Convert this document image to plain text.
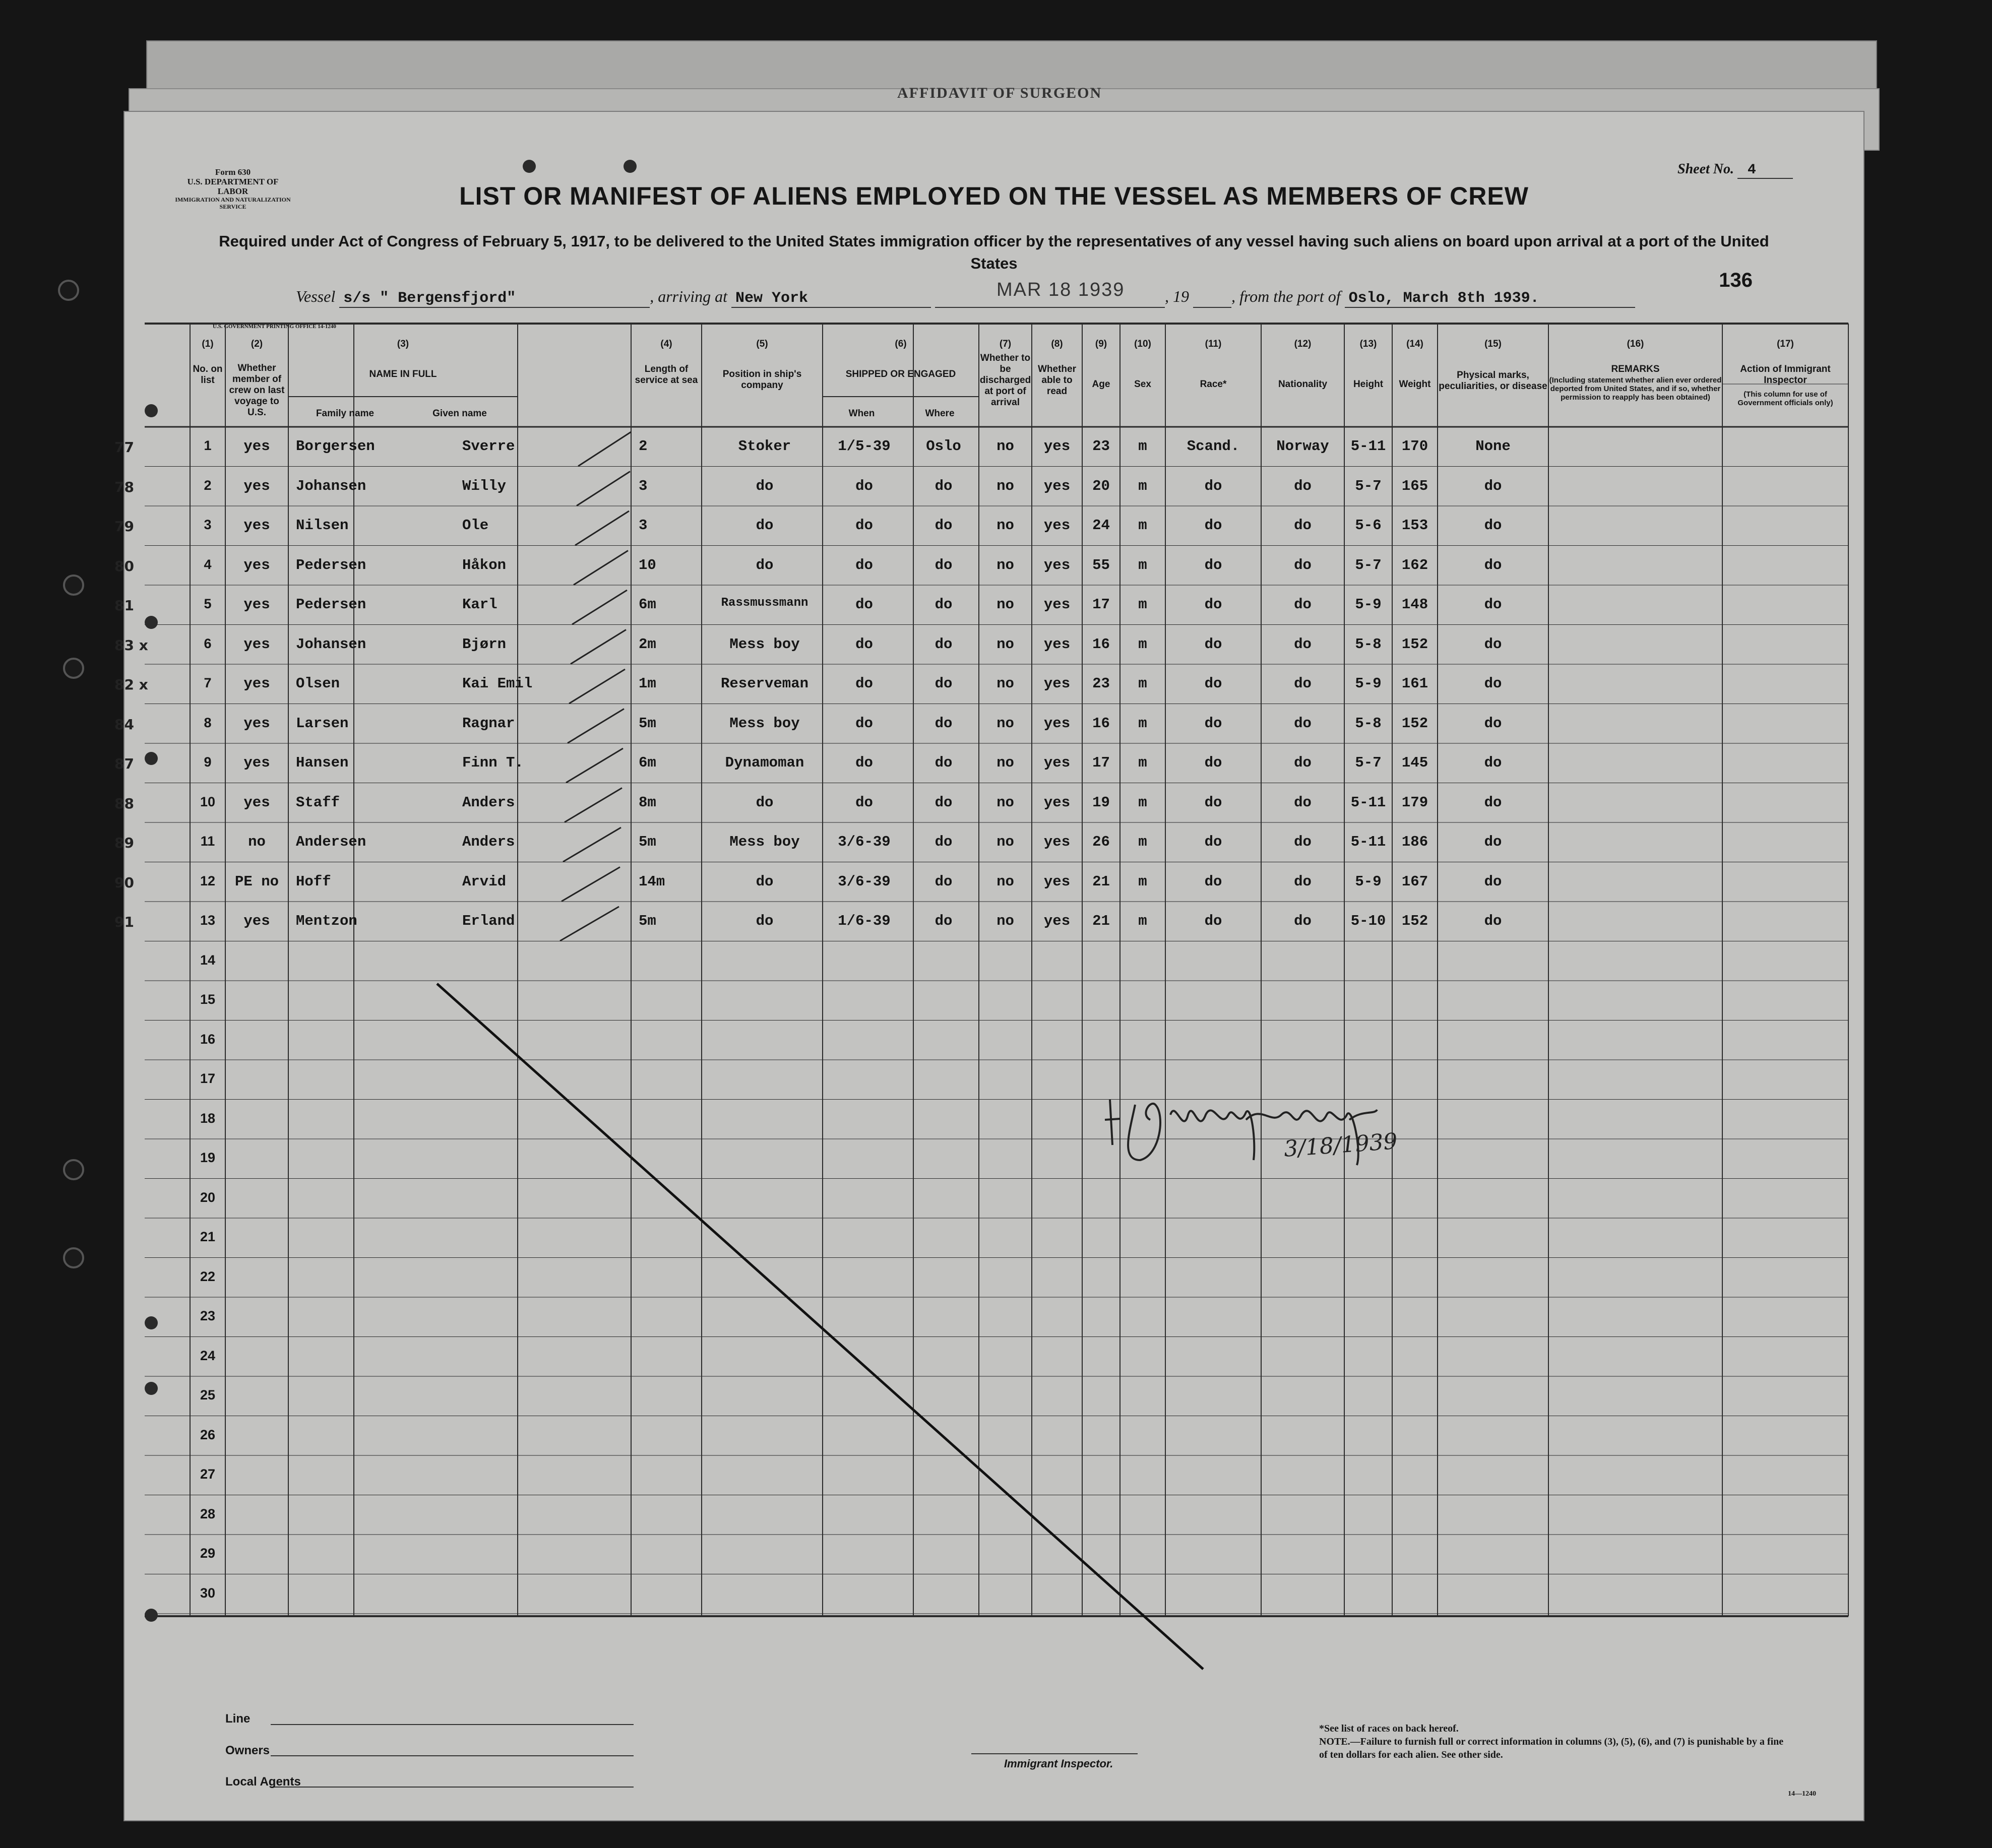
AFFIDAVIT OF SURGEON
Form 630
U.S. DEPARTMENT OF LABOR
IMMIGRATION AND NATURALIZATION SERVICE
Sheet No. 4
LIST OR MANIFEST OF ALIENS EMPLOYED ON THE VESSEL AS MEMBERS OF CREW
Required under Act of Congress of February 5, 1917, to be delivered to the United States immigration officer by the representatives of any vessel having such aliens on board upon arrival at a port of the United States
136
Vessel s/s " Bergensfjord"	, arriving at New York	, 19	, from the port of Oslo, March 8th 1939.
MAR 18 1939
U.S. GOVERNMENT PRINTING OFFICE 14-1240
(1)
No. on list
(2)
Whether member of crew on last voyage to U.S.
(3)
NAME IN FULL
Family name	Given name
(4)
Length of service at sea
(5)
Position in ship's company
(6)
SHIPPED OR ENGAGED
When	Where
(7)
Whether to be discharged at port of arrival
(8)
Whether able to read
(9)
Age
(10)
Sex
(11)
Race*
(12)
Nationality
(13)
Height
(14)
Weight
(15)
Physical marks, peculiarities, or disease
(16)
REMARKS
(Including statement whether alien ever ordered deported from United States, and if so, whether permission to reapply has been obtained)
(17)
Action of Immigrant Inspector
(This column for use of Government officials only)
77	1	yes	Borgersen	Sverre	2	Stoker	1/5-39	Oslo	no	yes	23	m	Scand.	Norway	5-11	170	None
78	2	yes	Johansen	Willy	3	do	do	do	no	yes	20	m	do	do	5-7	165	do
79	3	yes	Nilsen	Ole	3	do	do	do	no	yes	24	m	do	do	5-6	153	do
80	4	yes	Pedersen	Håkon	10	do	do	do	no	yes	55	m	do	do	5-7	162	do
81	5	yes	Pedersen	Karl	6m	Rassmussmann	do	do	no	yes	17	m	do	do	5-9	148	do
83 x	6	yes	Johansen	Bjørn	2m	Mess boy	do	do	no	yes	16	m	do	do	5-8	152	do
82 x	7	yes	Olsen	Kai Emil	1m	Reserveman	do	do	no	yes	23	m	do	do	5-9	161	do
84	8	yes	Larsen	Ragnar	5m	Mess boy	do	do	no	yes	16	m	do	do	5-8	152	do
87	9	yes	Hansen	Finn T.	6m	Dynamoman	do	do	no	yes	17	m	do	do	5-7	145	do
88	10	yes	Staff	Anders	8m	do	do	do	no	yes	19	m	do	do	5-11	179	do
89	11	no	Andersen	Anders	5m	Mess boy	3/6-39	do	no	yes	26	m	do	do	5-11	186	do
90	12	PE no	Hoff	Arvid	14m	do	3/6-39	do	no	yes	21	m	do	do	5-9	167	do
91	13	yes	Mentzon	Erland	5m	do	1/6-39	do	no	yes	21	m	do	do	5-10	152	do
14
15
16
17
18
19
20
21
22
23
24
25
26
27
28
29
30
3/18/1939
Line
Owners
Local Agents
Immigrant Inspector.
*See list of races on back hereof.
NOTE.—Failure to furnish full or correct information in columns (3), (5), (6), and (7) is punishable by a fine of ten dollars for each alien. See other side.
14—1240
